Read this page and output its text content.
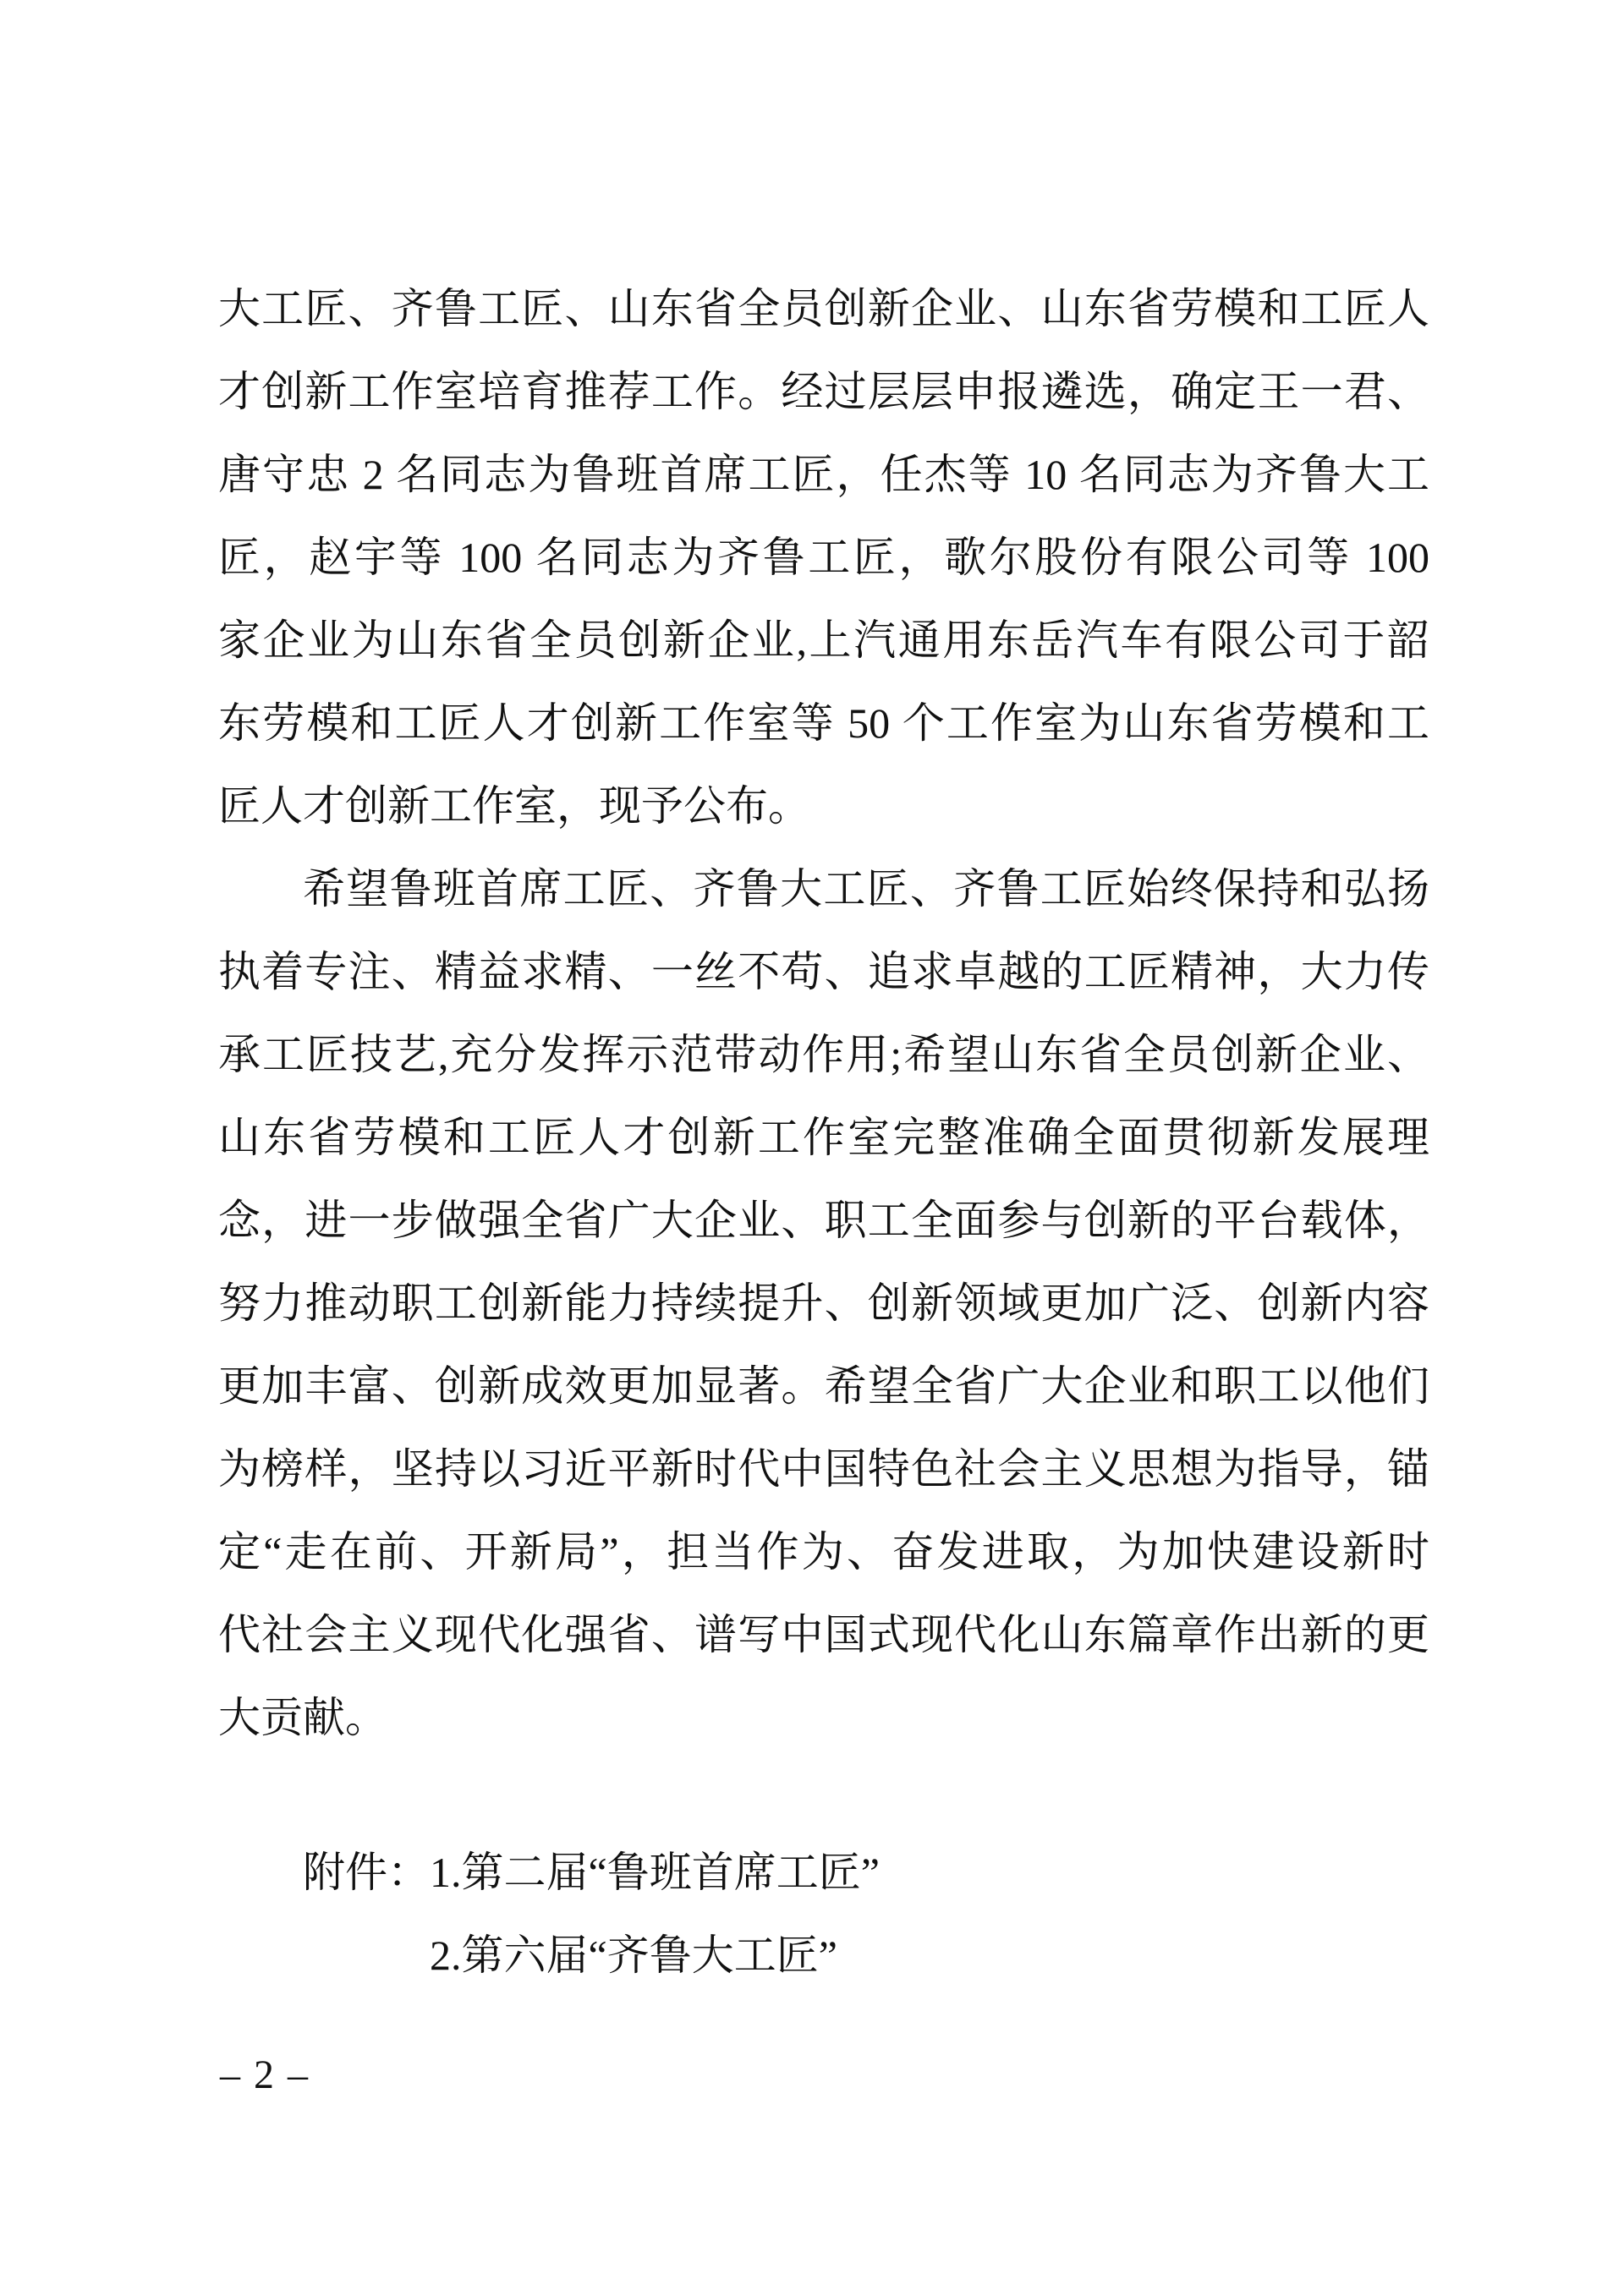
大工匠、齐鲁工匠、山东省全员创新企业、山东省劳模和工匠人
才创新工作室培育推荐工作。经过层层申报遴选，确定王一君、
唐守忠 2 名同志为鲁班首席工匠，任杰等 10 名同志为齐鲁大工
匠，赵宇等 100 名同志为齐鲁工匠，歌尔股份有限公司等 100
家企业为山东省全员创新企业,上汽通用东岳汽车有限公司于韶
东劳模和工匠人才创新工作室等 50 个工作室为山东省劳模和工
匠人才创新工作室，现予公布。
希望鲁班首席工匠、齐鲁大工匠、齐鲁工匠始终保持和弘扬
执着专注、精益求精、一丝不苟、追求卓越的工匠精神，大力传
承工匠技艺,充分发挥示范带动作用;希望山东省全员创新企业、
山东省劳模和工匠人才创新工作室完整准确全面贯彻新发展理
念，进一步做强全省广大企业、职工全面参与创新的平台载体，
努力推动职工创新能力持续提升、创新领域更加广泛、创新内容
更加丰富、创新成效更加显著。希望全省广大企业和职工以他们
为榜样，坚持以习近平新时代中国特色社会主义思想为指导，锚
定“走在前、开新局”，担当作为、奋发进取，为加快建设新时
代社会主义现代化强省、谱写中国式现代化山东篇章作出新的更
大贡献。
附件：1.第二届“鲁班首席工匠”
2.第六届“齐鲁大工匠”
– 2 –
